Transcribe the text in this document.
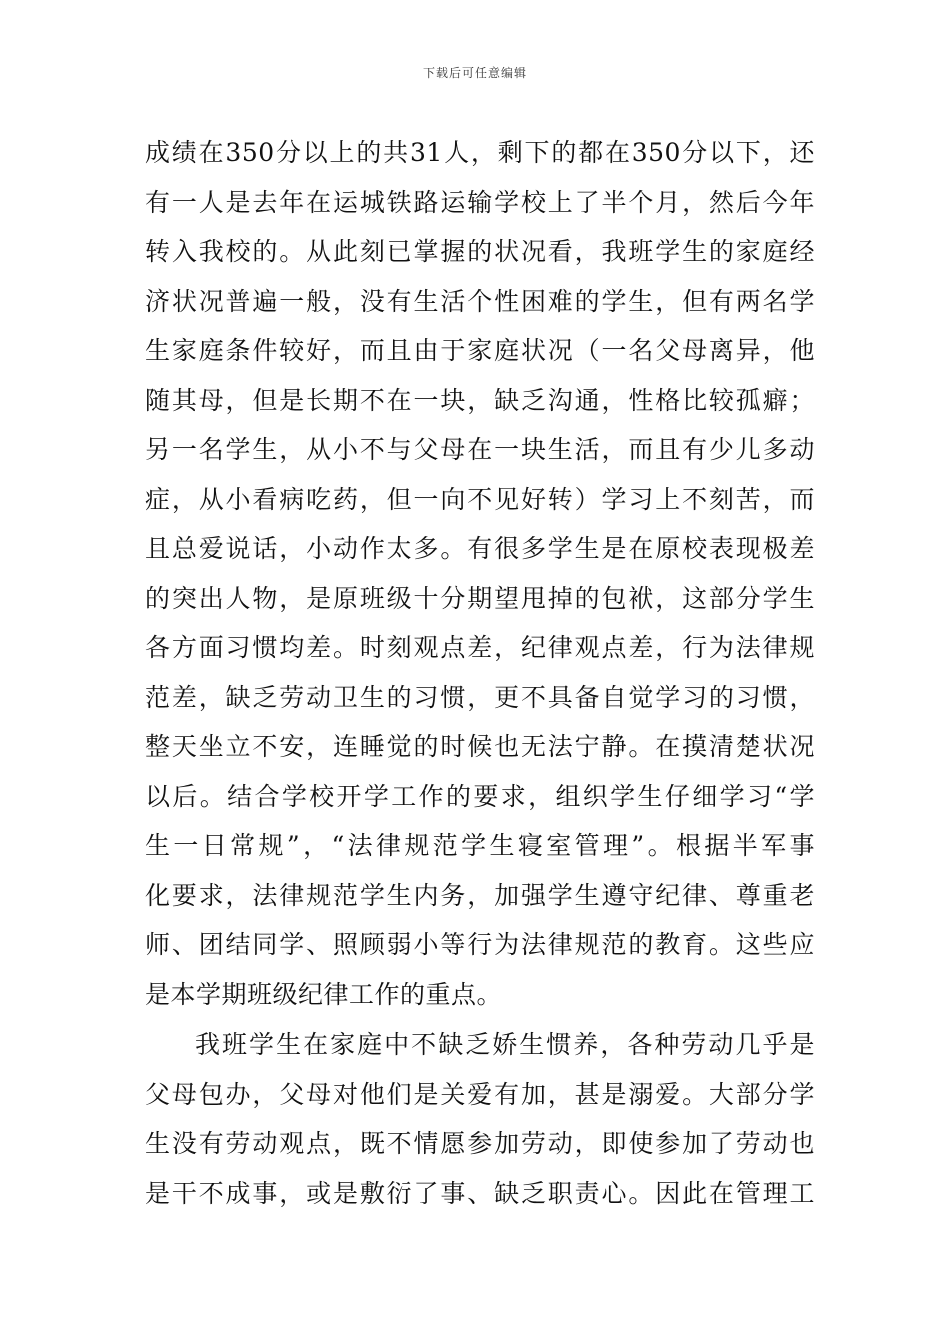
下载后可任意编辑
成绩在350分以上的共31人，剩下的都在350分以下，还
有一人是去年在运城铁路运输学校上了半个月，然后今年
转入我校的。从此刻已掌握的状况看，我班学生的家庭经
济状况普遍一般，没有生活个性困难的学生，但有两名学
生家庭条件较好，而且由于家庭状况（一名父母离异，他
随其母，但是长期不在一块，缺乏沟通，性格比较孤癖；
另一名学生，从小不与父母在一块生活，而且有少儿多动
症，从小看病吃药，但一向不见好转）学习上不刻苦，而
且总爱说话，小动作太多。有很多学生是在原校表现极差
的突出人物，是原班级十分期望甩掉的包袱，这部分学生
各方面习惯均差。时刻观点差，纪律观点差，行为法律规
范差，缺乏劳动卫生的习惯，更不具备自觉学习的习惯，
整天坐立不安，连睡觉的时候也无法宁静。在摸清楚状况
以后。结合学校开学工作的要求，组织学生仔细学习“学
生一日常规”，“法律规范学生寝室管理”。根据半军事
化要求，法律规范学生内务，加强学生遵守纪律、尊重老
师、团结同学、照顾弱小等行为法律规范的教育。这些应
是本学期班级纪律工作的重点。
我班学生在家庭中不缺乏娇生惯养，各种劳动几乎是
父母包办，父母对他们是关爱有加，甚是溺爱。大部分学
生没有劳动观点，既不情愿参加劳动，即使参加了劳动也
是干不成事，或是敷衍了事、缺乏职责心。因此在管理工
